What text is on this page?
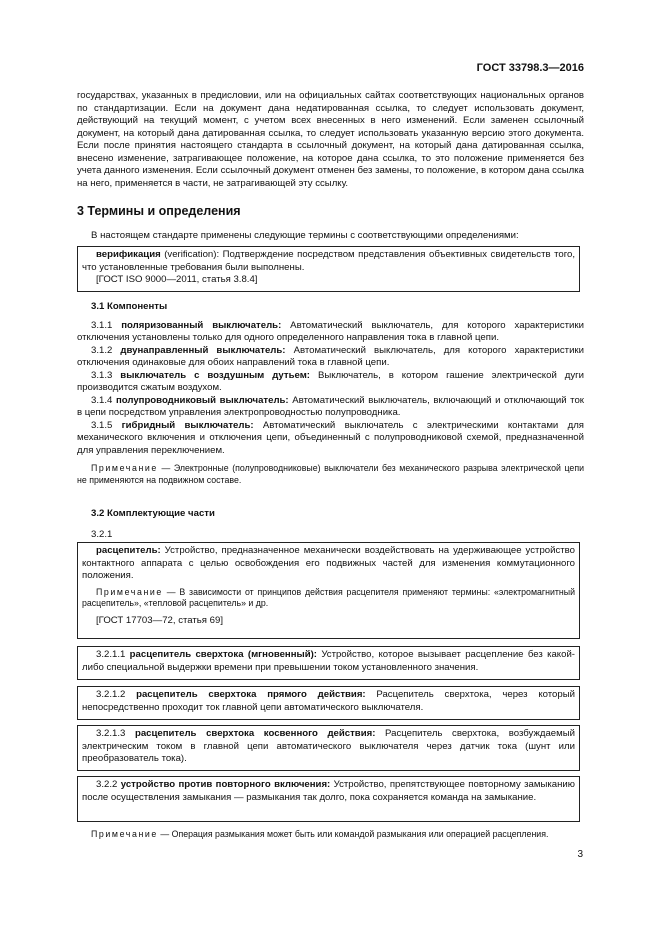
ГОСТ 33798.3—2016

государствах, указанных в предисловии, или на официальных сайтах соответствующих национальных органов по стандартизации. Если на документ дана недатированная ссылка, то следует использовать документ, действующий на текущий момент, с учетом всех внесенных в него изменений. Если заменен ссылочный документ, на который дана датированная ссылка, то следует использовать указанную версию этого документа. Если после принятия настоящего стандарта в ссылочный документ, на который дана датированная ссылка, внесено изменение, затрагивающее положение, на которое дана ссылка, то это положение применяется без учета данного изменения. Если ссылочный документ отменен без замены, то положение, в котором дана ссылка на него, применяется в части, не затрагивающей эту ссылку.

3 Термины и определения

В настоящем стандарте применены следующие термины с соответствующими определениями:

верификация (verification): Подтверждение посредством представления объективных свидетельств того, что установленные требования были выполнены.

[ГОСТ ISO 9000—2011, статья 3.8.4]

3.1 Компоненты

3.1.1 поляризованный выключатель: Автоматический выключатель, для которого характеристики отключения установлены только для одного определенного направления тока в главной цепи.

3.1.2 двунаправленный выключатель: Автоматический выключатель, для которого характеристики отключения одинаковые для обоих направлений тока в главной цепи.

3.1.3 выключатель с воздушным дутьем: Выключатель, в котором гашение электрической дуги производится сжатым воздухом.

3.1.4 полупроводниковый выключатель: Автоматический выключатель, включающий и отключающий ток в цепи посредством управления электропроводностью полупроводника.

3.1.5 гибридный выключатель: Автоматический выключатель с электрическими контактами для механического включения и отключения цепи, объединенный с полупроводниковой схемой, предназначенной для управления переключением.

Примечание — Электронные (полупроводниковые) выключатели без механического разрыва электрической цепи не применяются на подвижном составе.

3.2 Комплектующие части

3.2.1

расцепитель: Устройство, предназначенное механически воздействовать на удерживающее устройство контактного аппарата с целью освобождения его подвижных частей для изменения коммутационного положения.

Примечание — В зависимости от принципов действия расцепителя применяют термины: «электромагнитный расцепитель», «тепловой расцепитель» и др.

[ГОСТ 17703—72, статья 69]

3.2.1.1 расцепитель сверхтока (мгновенный): Устройство, которое вызывает расцепление без какой-либо специальной выдержки времени при превышении током установленного значения.

3.2.1.2 расцепитель сверхтока прямого действия: Расцепитель сверхтока, через который непосредственно проходит ток главной цепи автоматического выключателя.

3.2.1.3 расцепитель сверхтока косвенного действия: Расцепитель сверхтока, возбуждаемый электрическим током в главной цепи автоматического выключателя через датчик тока (шунт или преобразователь тока).

3.2.2 устройство против повторного включения: Устройство, препятствующее повторному замыканию после осуществления замыкания — размыкания так долго, пока сохраняется команда на замыкание.

Примечание — Операция размыкания может быть или командой размыкания или операцией расцепления.

3
